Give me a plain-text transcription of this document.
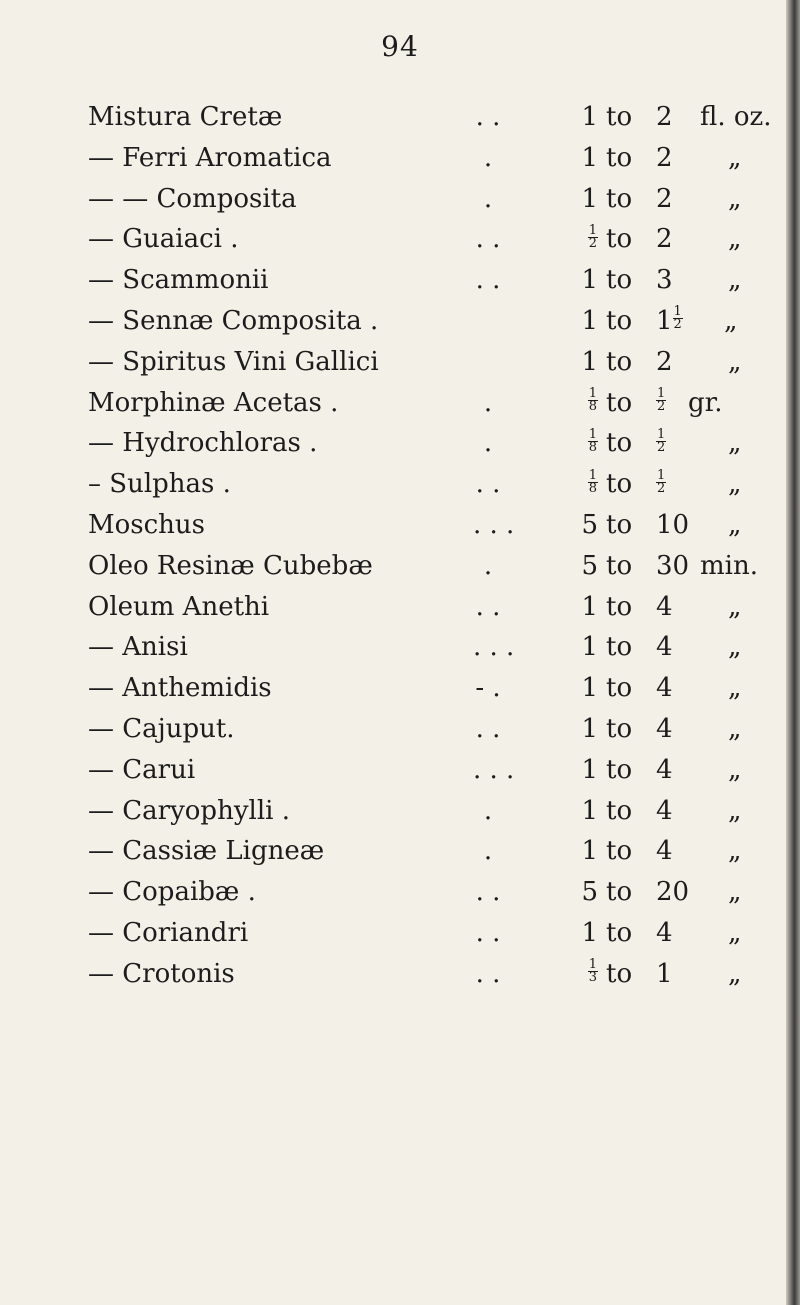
94
Mistura Cretæ	. .	1 to 2 fl. oz.
— Ferri Aromatica	.	1 to 2 „
— — Composita	.	1 to 2 „
— Guaiaci .	. .	$\frac{1}{2}$ to 2 „
— Scammonii	. .	1 to 3 „
— Sennæ Composita .	1 to $1 \frac{1}{2}$ „
— Spiritus Vini Gallici	1 to 2 „
Morphinæ Acetas .	.	$\frac{1}{8}$ to $\frac{1}{2}$ gr.
— Hydrochloras .	.	$\frac{1}{8}$ to $\frac{1}{2}$ „
– Sulphas .	. .	$\frac{1}{8}$ to $\frac{1}{2}$ „
Moschus	. . .	5 to 10 „
Oleo Resinæ Cubebæ	.	5 to 30 min.
Oleum Anethi	. .	1 to 4 „
— Anisi	. . .	1 to 4 „
— Anthemidis	- .	1 to 4 „
— Cajuput.	. .	1 to 4 „
— Carui	. . .	1 to 4 „
— Caryophylli .	.	1 to 4 „
— Cassiæ Ligneæ	.	1 to 4 „
— Copaibæ .	. .	5 to 20 „
— Coriandri	. .	1 to 4 „
— Crotonis	. .	$\frac{1}{3}$ to 1 „
